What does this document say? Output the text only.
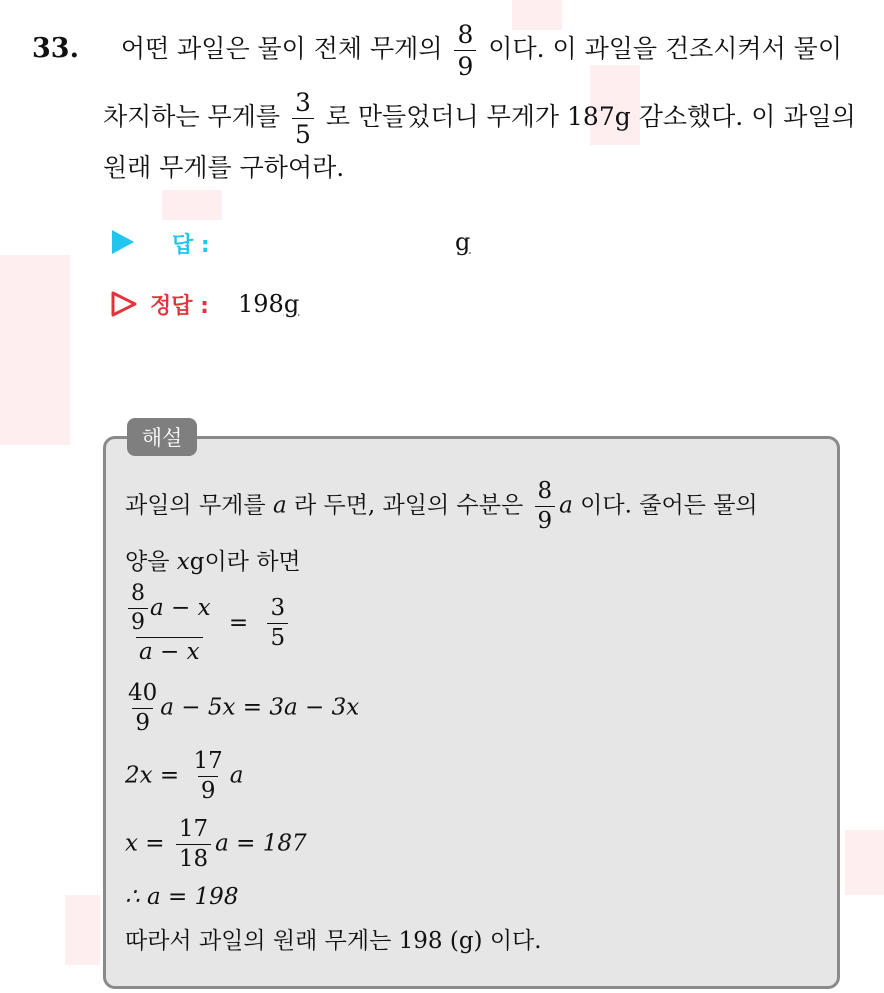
33. 어떤 과일은 물이 전체 무게의 $\frac{8}{9}$ 이다. 이 과일을 건조시켜서 물이
차지하는 무게를 $\frac{3}{5}$ 로 만들었더니 무게가 187g 감소했다. 이 과일의
원래 무게를 구하여라.
답 :	g
정답 : 198g
해설
과일의 무게를 a 라 두면, 과일의 수분은 $\frac{8}{9}$ a 이다. 줄어든 물의
양을 xg이라 하면
$\frac{\frac{8}{9} a - x}{a - x} = \frac{3}{5}$
$\frac{40}{9}$ a − 5x = 3a − 3x
$2x = \frac{17}{9}$ a
$x = \frac{17}{18}$ a = 187
∴ a = 198
따라서 과일의 원래 무게는 198 (g) 이다.
